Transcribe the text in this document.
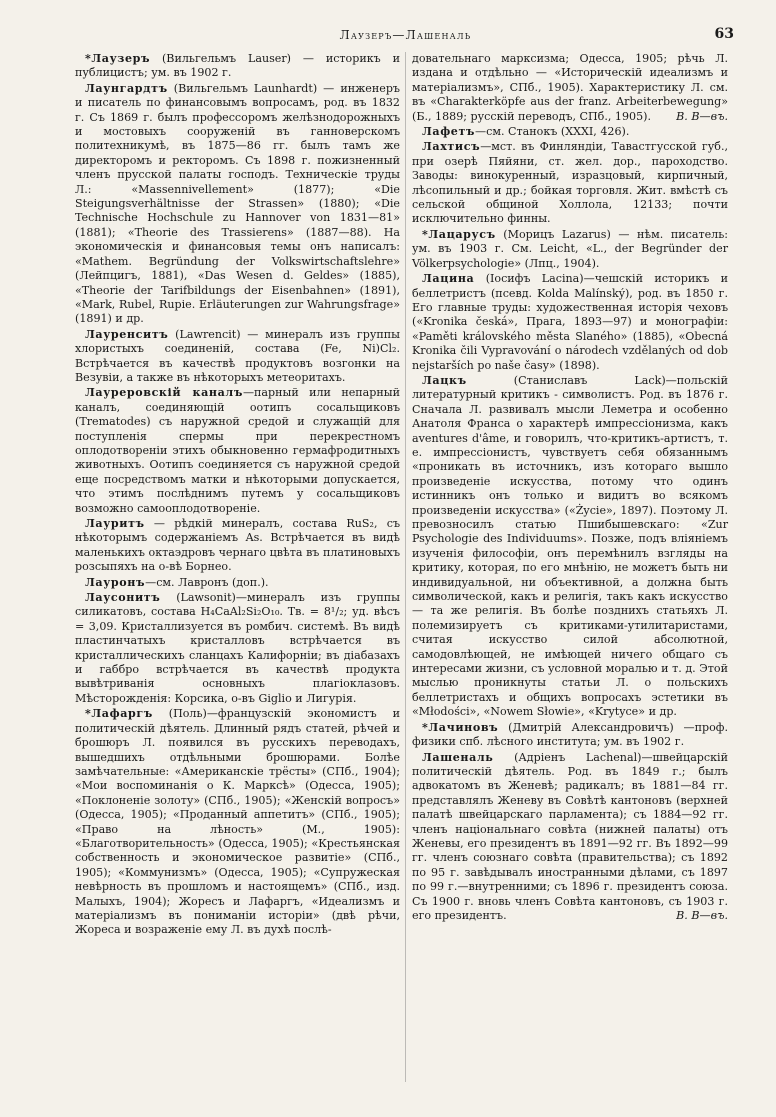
Лаузеръ—Лашеналь	63

*Лаузеръ (Вильгельмъ Lauser) — историкъ и публицистъ; ум. въ 1902 г.

Лаунгардтъ (Вильгельмъ Launhardt) — инженеръ и писатель по финансовымъ вопросамъ, род. въ 1832 г. Съ 1869 г. былъ профессоромъ желѣзнодорожныхъ и мостовыхъ сооруженій въ ганноверскомъ политехникумѣ, въ 1875—86 гг. былъ тамъ же директоромъ и ректоромъ. Съ 1898 г. пожизненный членъ прусской палаты господъ. Техническіе труды Л.: «Massennivellement» (1877); «Die Steigungsverhältnisse der Strassen» (1880); «Die Technische Hochschule zu Hannover von 1831—81» (1881); «Theorie des Trassierens» (1887—88). На экономическія и финансовыя темы онъ написалъ: «Mathem. Begründung der Volkswirtschaftslehre» (Лейпцигъ, 1881), «Das Wesen d. Geldes» (1885), «Theorie der Tarifbildungs der Eisenbahnen» (1891), «Mark, Rubel, Rupie. Erläuterungen zur Wahrungsfrage» (1891) и др.

Лауренситъ (Lawrencit) — минералъ изъ группы хлористыхъ соединеній, состава (Fe, Ni)Cl₂. Встрѣчается въ качествѣ продуктовъ возгонки на Везувіи, а также въ нѣкоторыхъ метеоритахъ.

Лауреровскій каналъ—парный или непарный каналъ, соединяющій оотипъ сосальщиковъ (Trematodes) съ наружной средой и служащій для поступленія спермы при перекрестномъ оплодотвореніи этихъ обыкновенно гермафродитныхъ животныхъ. Оотипъ соединяется съ наружной средой еще посредствомъ матки и нѣкоторыми допускается, что этимъ послѣднимъ путемъ у сосальщиковъ возможно самооплодотвореніе.

Лауритъ — рѣдкій минералъ, состава RuS₂, съ нѣкоторымъ содержаніемъ As. Встрѣчается въ видѣ маленькихъ октаэдровъ чернаго цвѣта въ платиновыхъ розсыпяхъ на о-вѣ Борнео.

Лауронъ—см. Лавронъ (доп.).

Лаусонитъ (Lawsonit)—минералъ изъ группы силикатовъ, состава H₄CaAl₂Si₂O₁₀. Тв. = 8¹/₂; уд. вѣсъ = 3,09. Кристаллизуется въ ромбич. системѣ. Въ видѣ пластинчатыхъ кристалловъ встрѣчается въ кристаллическихъ сланцахъ Калифорніи; въ діабазахъ и габбро встрѣчается въ качествѣ продукта вывѣтриванія основныхъ плагіоклазовъ. Мѣсторожденія: Корсика, о-въ Giglio и Лигурія.

*Лафаргъ (Поль)—французскій экономистъ и политическій дѣятель. Длинный рядъ статей, рѣчей и брошюръ Л. появился въ русскихъ переводахъ, вышедшихъ отдѣльными брошюрами. Болѣе замѣчательные: «Американскіе трёсты» (СПб., 1904); «Мои воспоминанія о К. Марксѣ» (Одесса, 1905); «Поклоненіе золоту» (СПб., 1905); «Женскій вопросъ» (Одесса, 1905); «Проданный аппетитъ» (СПб., 1905); «Право на лѣность» (М., 1905): «Благотворительность» (Одесса, 1905); «Крестьянская собственность и экономическое развитіе» (СПб., 1905); «Коммунизмъ» (Одесса, 1905); «Супружеская невѣрность въ прошломъ и настоящемъ» (СПб., изд. Малыхъ, 1904); Жоресъ и Лафаргъ, «Идеализмъ и матеріализмъ въ пониманіи исторіи» (двѣ рѣчи, Жореса и возраженіе ему Л. въ духѣ послѣ-

довательнаго марксизма; Одесса, 1905; рѣчь Л. издана и отдѣльно — «Историческій идеализмъ и матеріализмъ», СПб., 1905). Характеристику Л. см. въ «Charakterköpfe aus der franz. Arbeiterbewegung» (Б., 1889; русскій переводъ, СПб., 1905).	В. В—въ.

Лафетъ—см. Станокъ (XXXI, 426).

Лахтисъ—мст. въ Финляндіи, Тавастгусской губ., при озерѣ Пяйяни, ст. жел. дор., пароходство. Заводы: винокуренный, изразцовый, кирпичный, лѣсопильный и др.; бойкая торговля. Жит. вмѣстѣ съ сельской общиной Холлола, 12133; почти исключительно финны.

*Лацарусъ (Морицъ Lazarus) — нѣм. писатель: ум. въ 1903 г. См. Leicht, «L., der Begründer der Völkerpsychologie» (Лпц., 1904).

Лацина (Іосифъ Lacina)—чешскій историкъ и беллетристъ (псевд. Kolda Malínský), род. въ 1850 г. Его главные труды: художественная исторія чеховъ («Kronika česká», Прага, 1893—97) и монографіи: «Paměti královského města Slaného» (1885), «Obecná Kronika čili Vypravování o národech vzdělaných od dob nejstarších po naše časy» (1898).

Лацкъ (Станиславъ Lack)—польскій литературный критикъ - символистъ. Род. въ 1876 г. Сначала Л. развивалъ мысли Леметра и особенно Анатоля Франса о характерѣ импрессіонизма, какъ aventures d'âme, и говорилъ, что-критикъ-артистъ, т. е. импрессіонистъ, чувствуетъ себя обязаннымъ «проникать въ источникъ, изъ котораго вышло произведеніе искусства, потому что одинъ истинникъ онъ только и видитъ во всякомъ произведеніи искусства» («Życie», 1897). Поэтому Л. превозносилъ статью Пшибышевскаго: «Zur Psychologie des Individuums». Позже, подъ вліяніемъ изученія философіи, онъ перемѣнилъ взгляды на критику, которая, по его мнѣнію, не можетъ быть ни индивидуальной, ни объективной, а должна быть символической, какъ и религія, такъ какъ искусство — та же религія. Въ болѣе позднихъ статьяхъ Л. полемизируетъ съ критиками-утилитаристами, считая искусство силой абсолютной, самодовлѣющей, не имѣющей ничего общаго съ интересами жизни, съ условной моралью и т. д. Этой мыслью проникнуты статьи Л. о польскихъ беллетристахъ и общихъ вопросахъ эстетики въ «Młodości», «Nowem Słowie», «Krytyce» и др.

*Лачиновъ (Дмитрій Александровичъ) —проф. физики спб. лѣсного института; ум. въ 1902 г.

Лашеналь (Адріенъ Lachenal)—швейцарскій политическій дѣятель. Род. въ 1849 г.; былъ адвокатомъ въ Женевѣ; радикалъ; въ 1881—84 гг. представлялъ Женеву въ Совѣтѣ кантоновъ (верхней палатѣ швейцарскаго парламента); съ 1884—92 гг. членъ національнаго совѣта (нижней палаты) отъ Женевы, его президентъ въ 1891—92 гг. Въ 1892—99 гг. членъ союзнаго совѣта (правительства); съ 1892 по 95 г. завѣдывалъ иностранными дѣлами, съ 1897 по 99 г.—внутренними; съ 1896 г. президентъ союза. Съ 1900 г. вновь членъ Совѣта кантоновъ, съ 1903 г. его президентъ.	В. В—въ.
